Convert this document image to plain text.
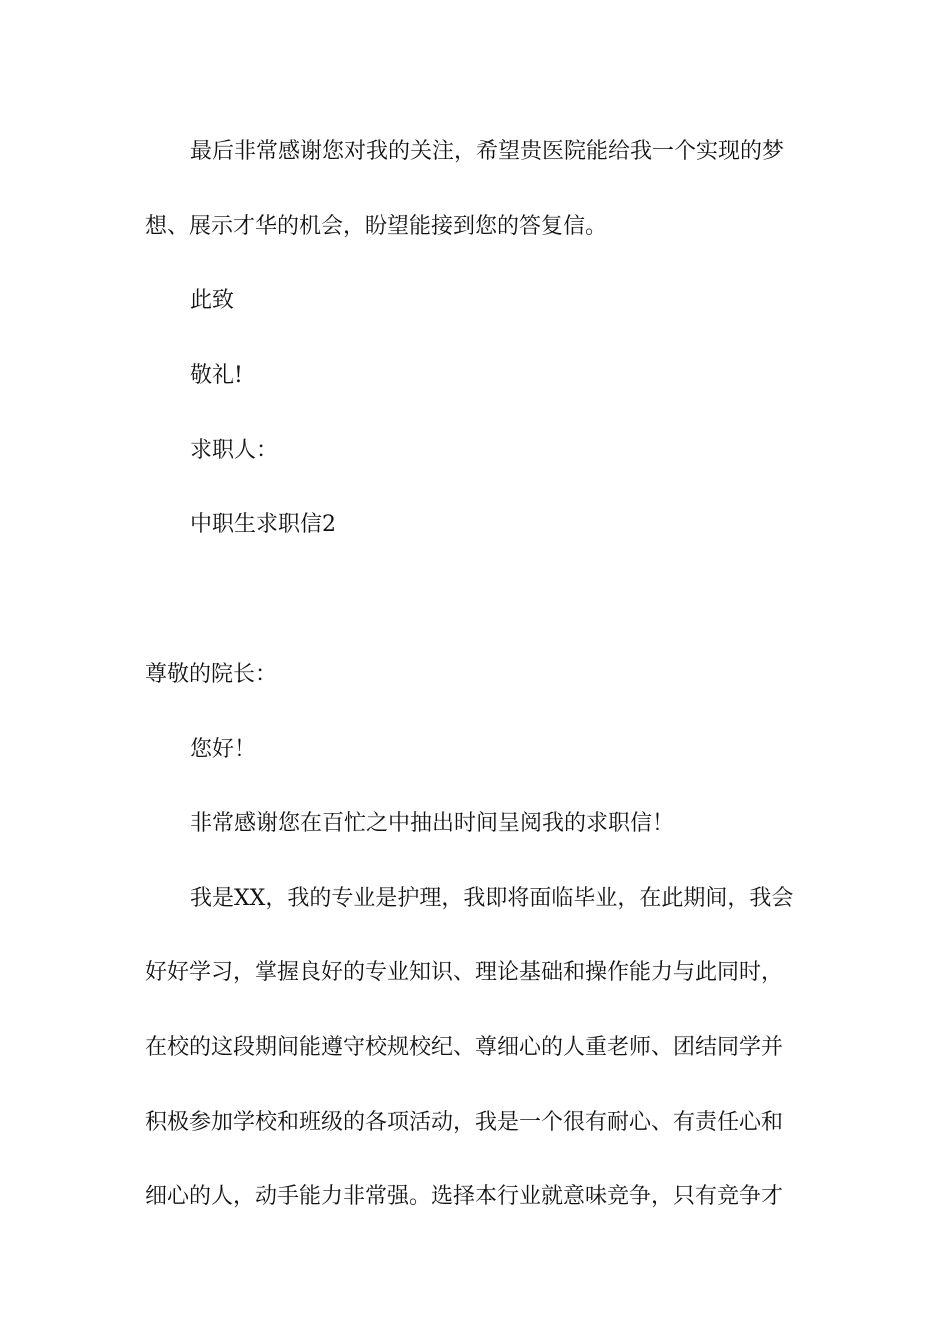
最后非常感谢您对我的关注，希望贵医院能给我一个实现的梦
想、展示才华的机会，盼望能接到您的答复信。
此致
敬礼!
求职人：
中职生求职信2
尊敬的院长：
您好！
非常感谢您在百忙之中抽出时间呈阅我的求职信！
我是XX，我的专业是护理，我即将面临毕业，在此期间，我会
好好学习，掌握良好的专业知识、理论基础和操作能力与此同时，
在校的这段期间能遵守校规校纪、尊细心的人重老师、团结同学并
积极参加学校和班级的各项活动，我是一个很有耐心、有责任心和
细心的人，动手能力非常强。选择本行业就意味竞争，只有竞争才
